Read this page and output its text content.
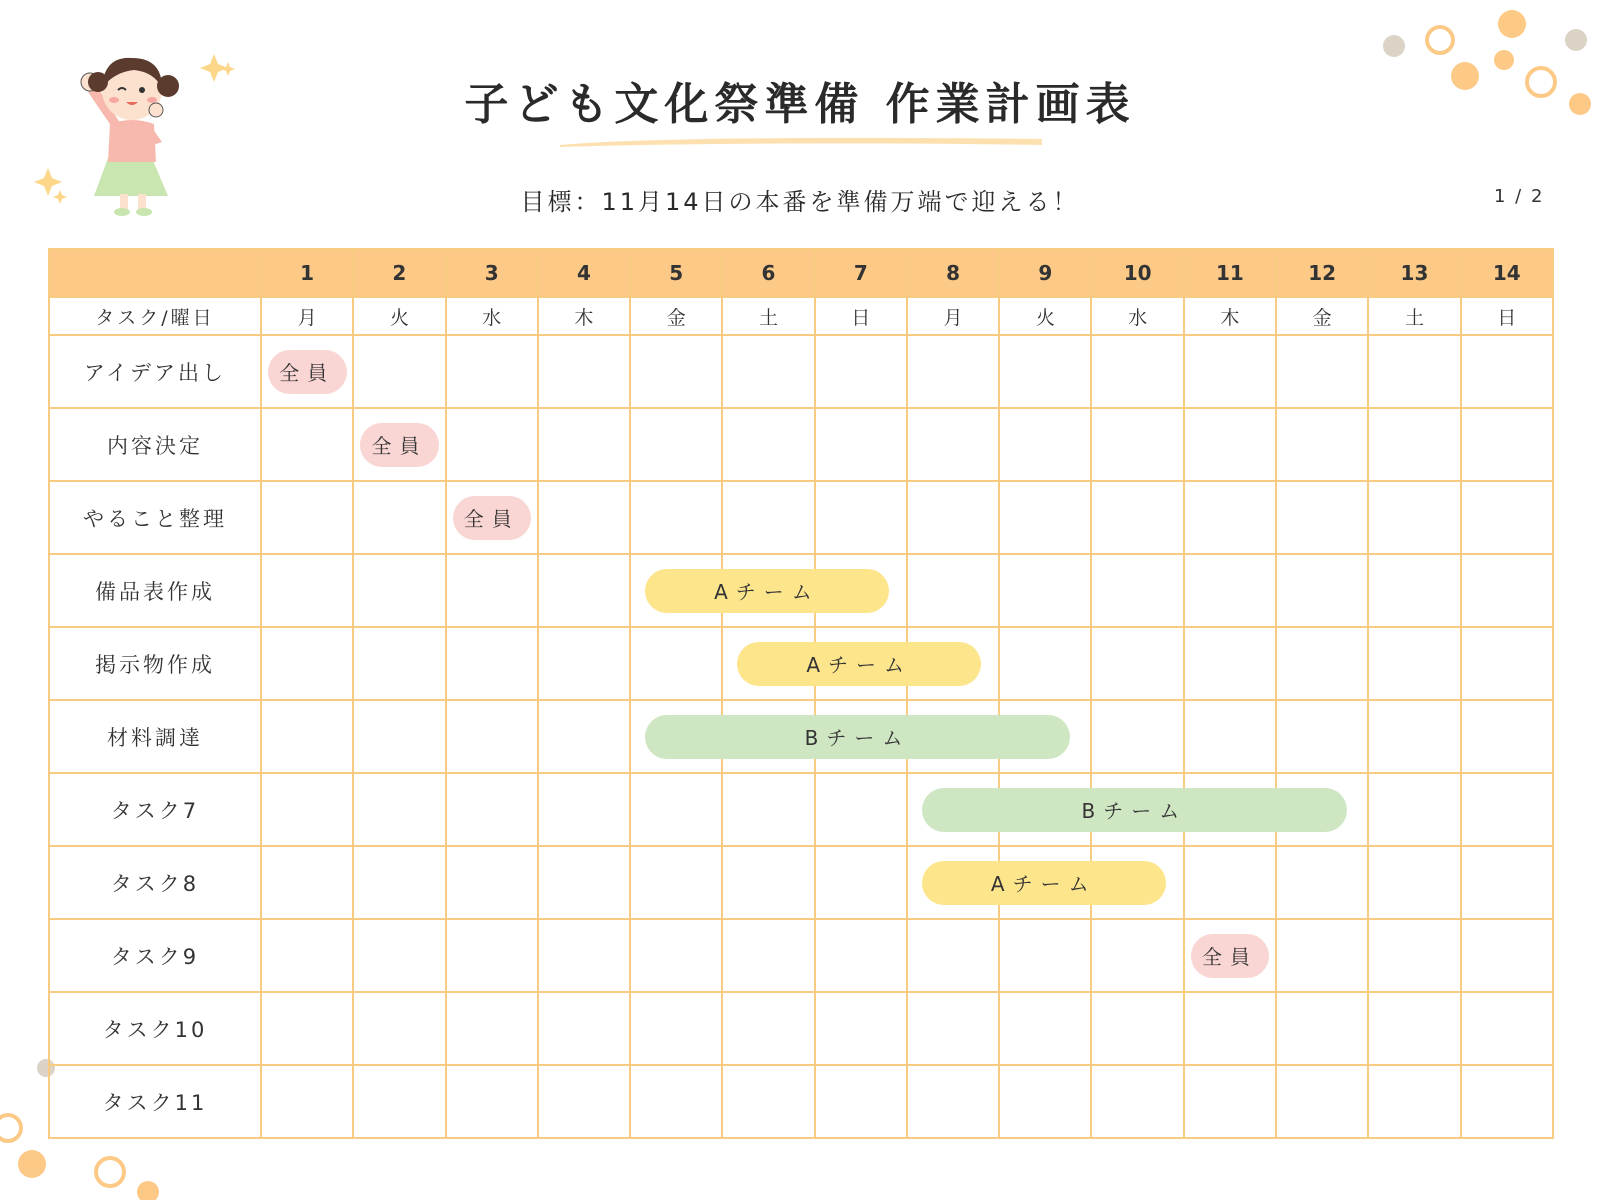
子ども文化祭準備 作業計画表
目標：11月14日の本番を準備万端で迎える！	1 / 2
	1	2	3	4	5	6	7	8	9	10	11	12	13	14
タスク/曜日	月	火	水	木	金	土	日	月	火	水	木	金	土	日
アイデア出し	全員													

内容決定		全員												

やること整理			全員											

備品表作成					Aチーム									

掲示物作成						Aチーム								

材料調達					Bチーム									

タスク7								Bチーム						

タスク8								Aチーム						

タスク9											全員			

タスク10														
タスク11														
